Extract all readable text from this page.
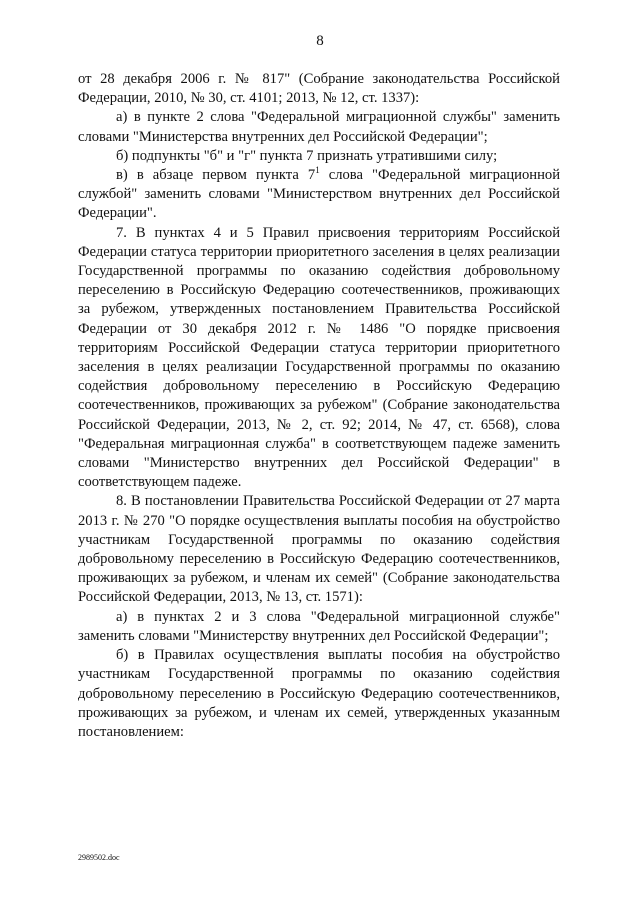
8

от 28 декабря 2006 г. № 817" (Собрание законодательства Российской Федерации, 2010, № 30, ст. 4101; 2013, № 12, ст. 1337):

а) в пункте 2 слова "Федеральной миграционной службы" заменить словами "Министерства внутренних дел Российской Федерации";

б) подпункты "б" и "г" пункта 7 признать утратившими силу;

в) в абзаце первом пункта $7^1$ слова "Федеральной миграционной службой" заменить словами "Министерством внутренних дел Российской Федерации".

7. В пунктах 4 и 5 Правил присвоения территориям Российской Федерации статуса территории приоритетного заселения в целях реализации Государственной программы по оказанию содействия добровольному переселению в Российскую Федерацию соотечественников, проживающих за рубежом, утвержденных постановлением Правительства Российской Федерации от 30 декабря 2012 г. № 1486 "О порядке присвоения территориям Российской Федерации статуса территории приоритетного заселения в целях реализации Государственной программы по оказанию содействия добровольному переселению в Российскую Федерацию соотечественников, проживающих за рубежом" (Собрание законодательства Российской Федерации, 2013, № 2, ст. 92; 2014, № 47, ст. 6568), слова "Федеральная миграционная служба" в соответствующем падеже заменить словами "Министерство внутренних дел Российской Федерации" в соответствующем падеже.

8. В постановлении Правительства Российской Федерации от 27 марта 2013 г. № 270 "О порядке осуществления выплаты пособия на обустройство участникам Государственной программы по оказанию содействия добровольному переселению в Российскую Федерацию соотечественников, проживающих за рубежом, и членам их семей" (Собрание законодательства Российской Федерации, 2013, № 13, ст. 1571):

а) в пунктах 2 и 3 слова "Федеральной миграционной службе" заменить словами "Министерству внутренних дел Российской Федерации";

б) в Правилах осуществления выплаты пособия на обустройство участникам Государственной программы по оказанию содействия добровольному переселению в Российскую Федерацию соотечественников, проживающих за рубежом, и членам их семей, утвержденных указанным постановлением:

2989502.doc
